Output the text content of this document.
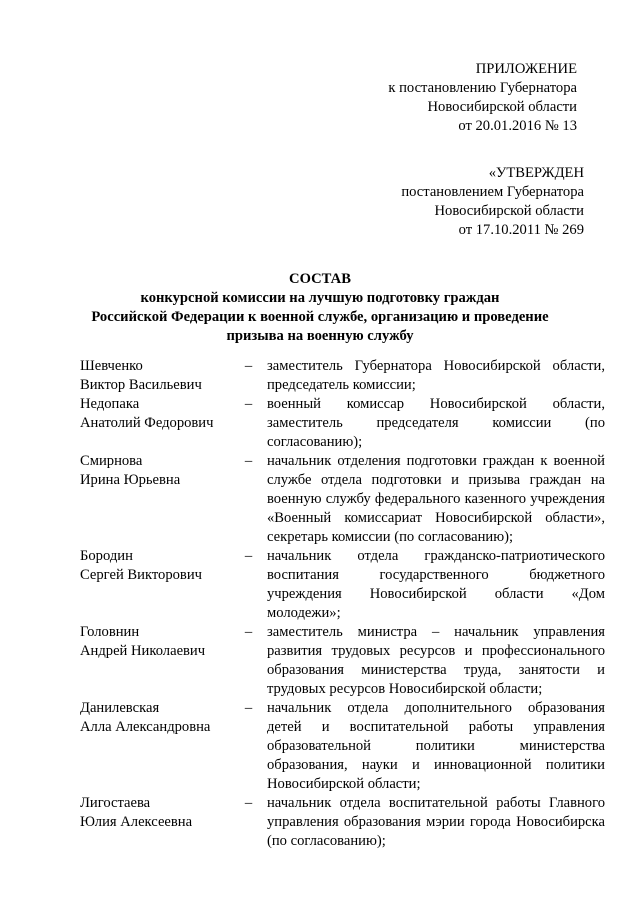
ПРИЛОЖЕНИЕ
к постановлению Губернатора
Новосибирской области
от 20.01.2016 № 13
«УТВЕРЖДЕН
постановлением Губернатора
Новосибирской области
от 17.10.2011 № 269
СОСТАВ
конкурсной комиссии на лучшую подготовку граждан
Российской Федерации к военной службе, организацию и проведение
призыва на военную службу
Шевченко
Виктор Васильевич
–	заместитель Губернатора Новосибирской области, председатель комиссии;
Недопака
Анатолий Федорович
–	военный комиссар Новосибирской области, заместитель председателя комиссии (по согласованию);
Смирнова
Ирина Юрьевна
–	начальник отделения подготовки граждан к военной службе отдела подготовки и призыва граждан на военную службу федерального казенного учреждения «Военный комиссариат Новосибирской области», секретарь комиссии (по согласованию);
Бородин
Сергей Викторович
–	начальник отдела гражданско-патриотического воспитания государственного бюджетного учреждения Новосибирской области «Дом молодежи»;
Головнин
Андрей Николаевич
–	заместитель министра – начальник управления развития трудовых ресурсов и профессионального образования министерства труда, занятости и трудовых ресурсов Новосибирской области;
Данилевская
Алла Александровна
–	начальник отдела дополнительного образования детей и воспитательной работы управления образовательной политики министерства образования, науки и инновационной политики Новосибирской области;
Лигостаева
Юлия Алексеевна
–	начальник отдела воспитательной работы Главного управления образования мэрии города Новосибирска (по согласованию);
